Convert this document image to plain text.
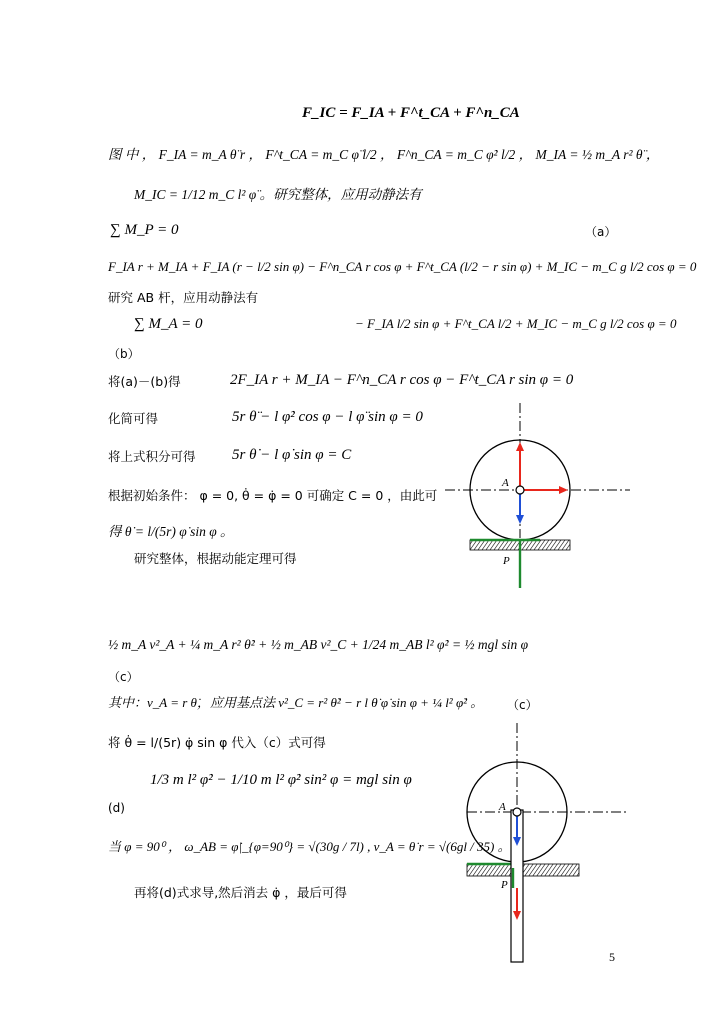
F_IC = F_IA + F^t_CA + F^n_CA
图 中 ， F_IA = m_A θ̈ r ， F^t_CA = m_C φ̈ l/2 ， F^n_CA = m_C φ̇² l/2 ， M_IA = ½ m_A r² θ̈ ，
M_IC = 1/12 m_C l² φ̈ 。研究整体，应用动静法有
∑ M_P = 0	（a）
F_IA r + M_IA + F_IA (r − l/2 sin φ) − F^n_CA r cos φ + F^t_CA (l/2 − r sin φ) + M_IC − m_C g l/2 cos φ = 0
研究 AB 杆，应用动静法有
∑ M_A = 0	− F_IA l/2 sin φ + F^t_CA l/2 + M_IC − m_C g l/2 cos φ = 0
（b）
将(a)－(b)得	2F_IA r + M_IA − F^n_CA r cos φ − F^t_CA r sin φ = 0
化简可得	5r θ̈ − l φ̇² cos φ − l φ̈ sin φ = 0
将上式积分可得 5r θ̇ − l φ̇ sin φ = C
根据初始条件： φ = 0, θ̇ = φ̇ = 0 可确定 C = 0 ，由此可
得 θ̇ = l/(5r) φ̇ sin φ 。
研究整体，根据动能定理可得
½ m_A v²_A + ¼ m_A r² θ̇² + ½ m_AB v²_C + 1/24 m_AB l² φ̇² = ½ mgl sin φ
（c）
其中：v_A = r θ̇，应用基点法 v²_C = r² θ̇² − r l θ̇ φ̇ sin φ + ¼ l² φ̇² 。 （c）
将 θ̇ = l/(5r) φ̇ sin φ 代入（c）式可得
1/3 m l² φ̇² − 1/10 m l² φ̇² sin² φ = mgl sin φ
(d)
当 φ = 90⁰ ， ω_AB = φ̇|_{φ=90⁰} = √(30g / 7l) , v_A = θ̇ r = √(6gl / 35) 。
再将(d)式求导,然后消去 φ̇ ，最后可得
A
P
A
P
5
